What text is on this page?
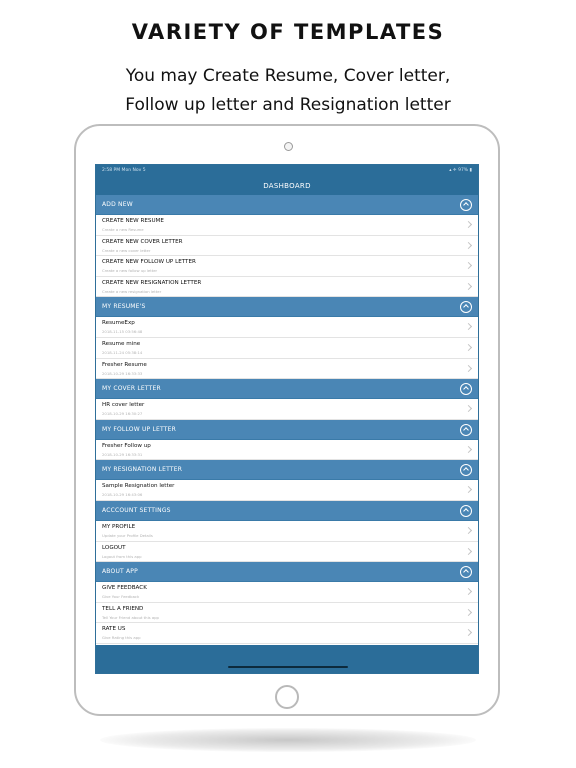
VARIETY OF TEMPLATES
You may Create Resume, Cover letter,
Follow up letter and Resignation letter
2:58 PM Mon Nov 5	▴ ✈ 97% ▮
DASHBOARD
ADD NEW
CREATE NEW RESUME
Create a new Resume
CREATE NEW COVER LETTER
Create a new cover letter
CREATE NEW FOLLOW UP LETTER
Create a new follow up letter
CREATE NEW RESIGNATION LETTER
Create a new resignation letter
MY RESUME'S
ResumeExp
2018-11-15 03:56:48
Resume mine
2018-11-24 05:38:14
Fresher Resume
2018-10-29 16:33:33
MY COVER LETTER
HR cover letter
2018-10-29 16:30:27
MY FOLLOW UP LETTER
Fresher Follow up
2018-10-29 16:33:31
MY RESIGNATION LETTER
Sample Resignation letter
2018-10-29 16:43:06
ACCCOUNT SETTINGS
MY PROFILE
Update your Profile Details
LOGOUT
Logout from this app
ABOUT APP
GIVE FEEDBACK
Give Your Feedback
TELL A FRIEND
Tell Your Friend about this app
RATE US
Give Rating this app
